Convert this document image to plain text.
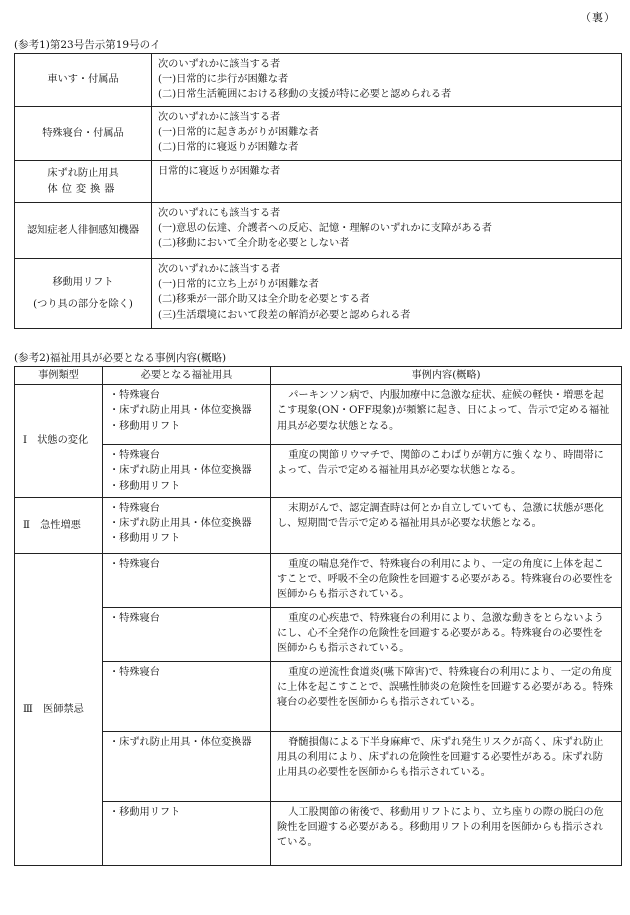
（裏）
(参考1)第23号告示第19号のイ
車いす・付属品	次のいずれかに該当する者
(一)日常的に歩行が困難な者
(二)日常生活範囲における移動の支援が特に必要と認められる者

特殊寝台・付属品	次のいずれかに該当する者
(一)日常的に起きあがりが困難な者
(二)日常的に寝返りが困難な者

床ずれ防止用具
体位変換器	日常的に寝返りが困難な者

認知症老人徘徊感知機器	次のいずれにも該当する者
(一)意思の伝達、介護者への反応、記憶・理解のいずれかに支障がある者
(二)移動において全介助を必要としない者

移動用リフト
(つり具の部分を除く)	次のいずれかに該当する者
(一)日常的に立ち上がりが困難な者
(二)移乗が一部介助又は全介助を必要とする者
(三)生活環境において段差の解消が必要と認められる者
(参考2)福祉用具が必要となる事例内容(概略)
事例類型	必要となる福祉用具	事例内容(概略)
Ⅰ　状態の変化	・特殊寝台
・床ずれ防止用具・体位変換器
・移動用リフト	パーキンソン病で、内服加療中に急激な症状、症候の軽快・増悪を起こす現象(ON・OFF現象)が頻繁に起き、日によって、告示で定める福祉用具が必要な状態となる。

	・特殊寝台
・床ずれ防止用具・体位変換器
・移動用リフト	重度の関節リウマチで、関節のこわばりが朝方に強くなり、時間帯によって、告示で定める福祉用具が必要な状態となる。
Ⅱ　急性増悪	・特殊寝台
・床ずれ防止用具・体位変換器
・移動用リフト	末期がんで、認定調査時は何とか自立していても、急激に状態が悪化し、短期間で告示で定める福祉用具が必要な状態となる。
Ⅲ　医師禁忌	・特殊寝台	重度の喘息発作で、特殊寝台の利用により、一定の角度に上体を起こすことで、呼吸不全の危険性を回避する必要がある。特殊寝台の必要性を医師からも指示されている。

	・特殊寝台	重度の心疾患で、特殊寝台の利用により、急激な動きをとらないようにし、心不全発作の危険性を回避する必要がある。特殊寝台の必要性を医師からも指示されている。

	・特殊寝台	重度の逆流性食道炎(嚥下障害)で、特殊寝台の利用により、一定の角度に上体を起こすことで、誤嚥性肺炎の危険性を回避する必要がある。特殊寝台の必要性を医師からも指示されている。

	・床ずれ防止用具・体位変換器	脊髄損傷による下半身麻痺で、床ずれ発生リスクが高く、床ずれ防止用具の利用により、床ずれの危険性を回避する必要性がある。床ずれ防止用具の必要性を医師からも指示されている。

	・移動用リフト	人工股関節の術後で、移動用リフトにより、立ち座りの際の脱臼の危険性を回避する必要がある。移動用リフトの利用を医師からも指示されている。
